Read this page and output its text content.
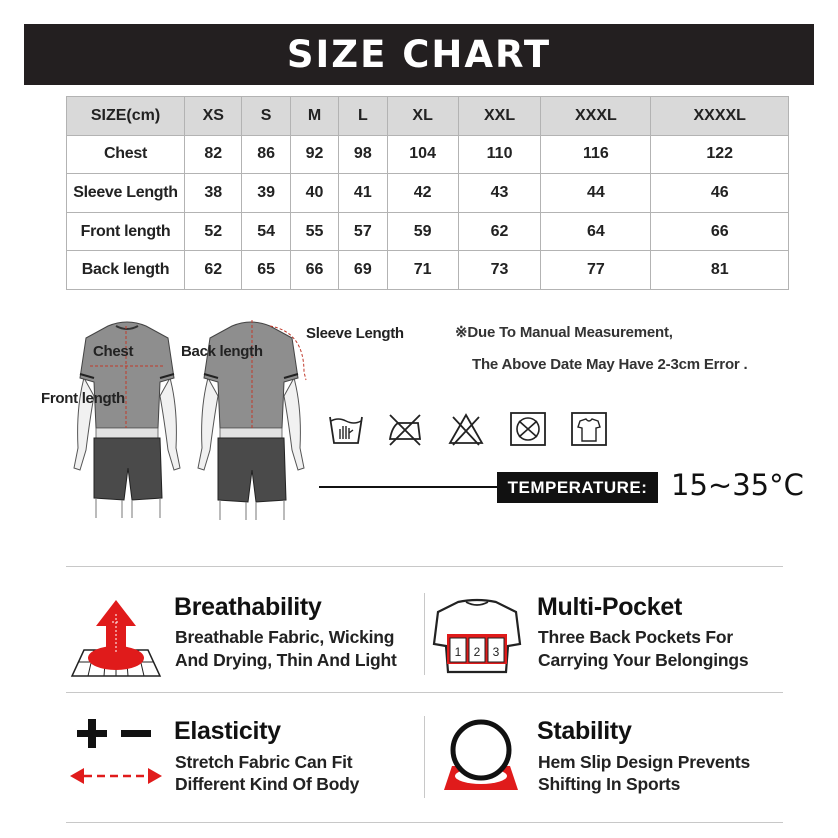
SIZE CHART
SIZE(cm)	XS	S	M	L	XL	XXL	XXXL	XXXXL
Chest	82	86	92	98	104	110	116	122
Sleeve Length	38	39	40	41	42	43	44	46
Front length	52	54	55	57	59	62	64	66
Back length	62	65	66	69	71	73	77	81
Chest
Front length
Back length
Sleeve Length	※Due To Manual Measurement,
The Above Date May Have 2-3cm Error .
TEMPERATURE: 15~35°C
Breathability
Breathable Fabric, Wicking
And Drying, Thin And Light	1 2 3
Multi-Pocket
Three Back Pockets For
Carrying Your Belongings
Elasticity
Stretch Fabric Can Fit
Different Kind Of Body
Stability
Hem Slip Design Prevents
Shifting In Sports
